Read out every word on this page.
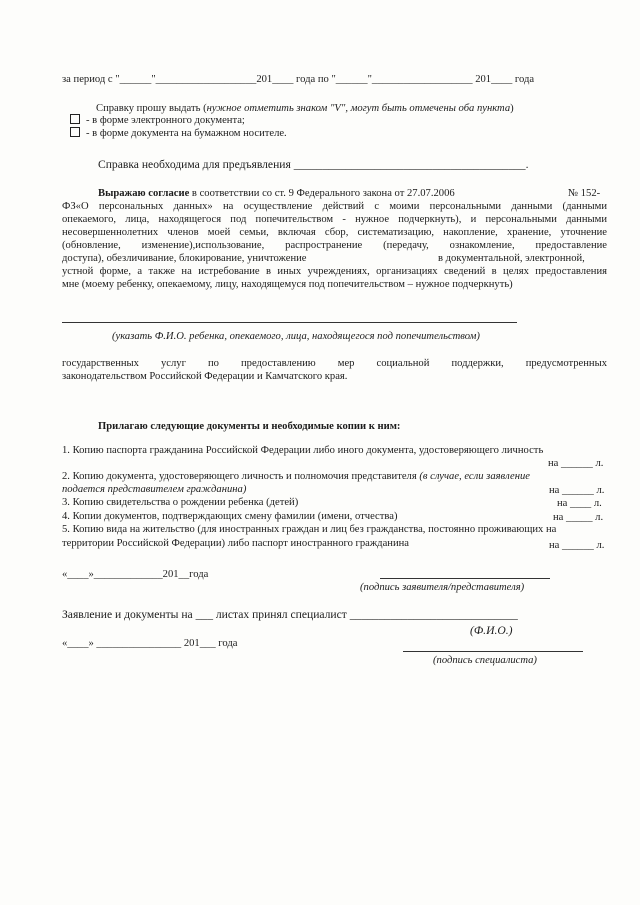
за период с "______"___________________201____ года по "______"___________________ 201____ года
Справку прошу выдать (нужное отметить знаком "V", могут быть отмечены оба пункта)
- в форме электронного документа;
- в форме документа на бумажном носителе.
Справка необходима для предъявления ________________________________________.
Выражаю согласие в соответствии со ст. 9 Федерального закона от 27.07.2006	№ 152-
ФЗ«О персональных данных» на осуществление действий с моими персональными данными (данными
опекаемого, лица, находящегося под попечительством - нужное подчеркнуть), и персональными данными
несовершеннолетних членов моей семьи, включая сбор, систематизацию, накопление, хранение, уточнение
(обновление, изменение),использование, распространение (передачу, ознакомление, предоставление
доступа), обезличивание, блокирование, уничтожение	в документальной, электронной,
устной форме, а также на истребование в иных учреждениях, организациях сведений в целях предоставления
мне (моему ребенку, опекаемому, лицу, находящемуся под попечительством – нужное подчеркнуть)
(указать Ф.И.О. ребенка, опекаемого, лица, находящегося под попечительством)
государственных услуг по предоставлению мер социальной поддержки, предусмотренных
законодательством Российской Федерации и Камчатского края.
Прилагаю следующие документы и необходимые копии к ним:
1. Копию паспорта гражданина Российской Федерации либо иного документа, удостоверяющего личность
на ______ л.
2. Копию документа, удостоверяющего личность и полномочия представителя (в случае, если заявление
подается представителем гражданина)	на ______ л.
3. Копию свидетельства о рождении ребенка (детей)	на ____ л.
4. Копии документов, подтверждающих смену фамилии (имени, отчества)	на _____ л.
5. Копию вида на жительство (для иностранных граждан и лиц без гражданства, постоянно проживающих на
территории Российской Федерации) либо паспорт иностранного гражданина	на ______ л.
«____»_____________201__года
(подпись заявителя/представителя)
Заявление и документы на ___ листах принял специалист _____________________________
(Ф.И.О.)
«____» ________________ 201___ года
(подпись специалиста)
